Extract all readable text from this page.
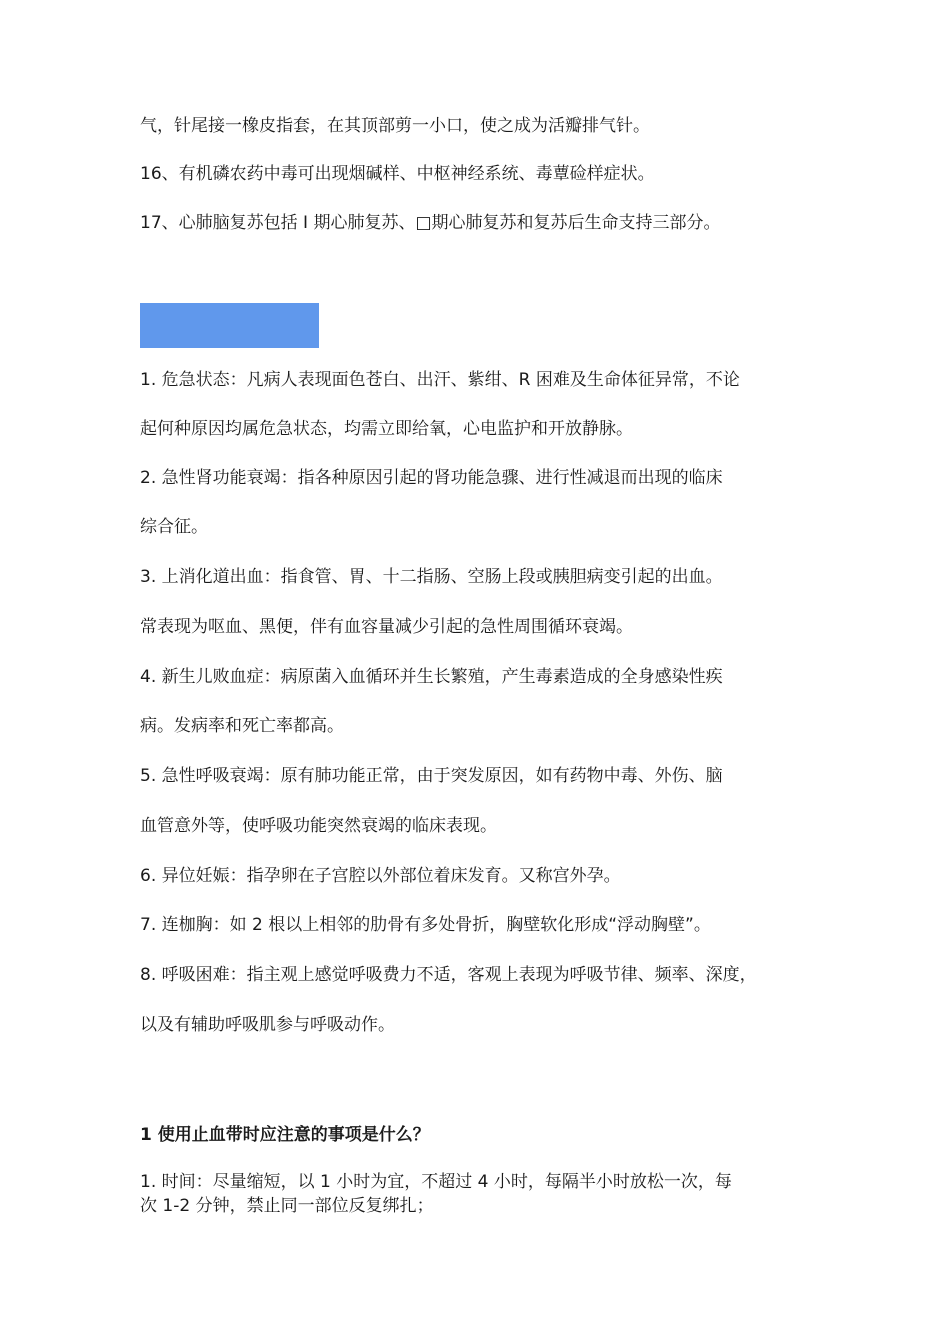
气，针尾接一橡皮指套，在其顶部剪一小口，使之成为活瓣排气针。
16、有机磷农药中毒可出现烟碱样、中枢神经系统、毒蕈硷样症状。
17、心肺脑复苏包括 I 期心肺复苏、□期心肺复苏和复苏后生命支持三部分。
1. 危急状态：凡病人表现面色苍白、出汗、紫绀、R 困难及生命体征异常，不论
起何种原因均属危急状态，均需立即给氧，心电监护和开放静脉。
2. 急性肾功能衰竭：指各种原因引起的肾功能急骤、进行性减退而出现的临床
综合征。
3. 上消化道出血：指食管、胃、十二指肠、空肠上段或胰胆病变引起的出血。
常表现为呕血、黑便，伴有血容量减少引起的急性周围循环衰竭。
4. 新生儿败血症：病原菌入血循环并生长繁殖，产生毒素造成的全身感染性疾
病。发病率和死亡率都高。
5. 急性呼吸衰竭：原有肺功能正常，由于突发原因，如有药物中毒、外伤、脑
血管意外等，使呼吸功能突然衰竭的临床表现。
6. 异位妊娠：指孕卵在子宫腔以外部位着床发育。又称宫外孕。
7. 连枷胸：如 2 根以上相邻的肋骨有多处骨折，胸壁软化形成“浮动胸壁”。
8. 呼吸困难：指主观上感觉呼吸费力不适，客观上表现为呼吸节律、频率、深度，
以及有辅助呼吸肌参与呼吸动作。
1 使用止血带时应注意的事项是什么？
1. 时间：尽量缩短，以 1 小时为宜，不超过 4 小时，每隔半小时放松一次，每
次 1-2 分钟，禁止同一部位反复绑扎；
